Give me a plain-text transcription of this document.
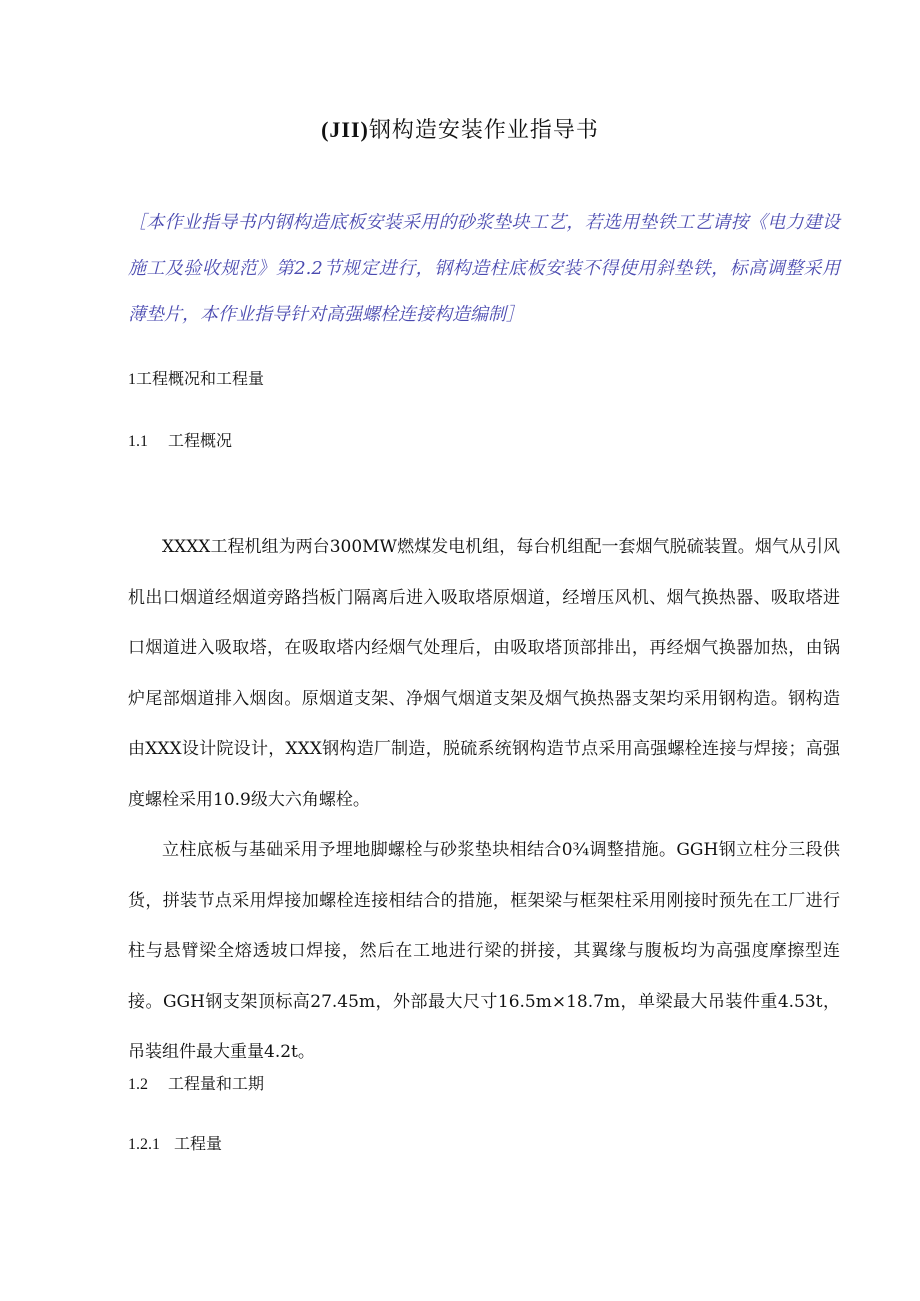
(JII)钢构造安装作业指导书
［本作业指导书内钢构造底板安装采用的砂浆垫块工艺，若选用垫铁工艺请按《电力建设施工及验收规范》第2.2节规定进行，钢构造柱底板安装不得使用斜垫铁，标高调整采用薄垫片，本作业指导针对高强螺栓连接构造编制］
1工程概况和工程量
1.1 工程概况

XXXX工程机组为两台300MW燃煤发电机组，每台机组配一套烟气脱硫装置。烟气从引风机出口烟道经烟道旁路挡板门隔离后进入吸取塔原烟道，经增压风机、烟气换热器、吸取塔进口烟道进入吸取塔，在吸取塔内经烟气处理后，由吸取塔顶部排出，再经烟气换器加热，由锅炉尾部烟道排入烟囱。原烟道支架、净烟气烟道支架及烟气换热器支架均采用钢构造。钢构造由XXX设计院设计，XXX钢构造厂制造，脱硫系统钢构造节点采用高强螺栓连接与焊接；高强度螺栓采用10.9级大六角螺栓。

立柱底板与基础采用予埋地脚螺栓与砂浆垫块相结合0¾调整措施。GGH钢立柱分三段供货，拼装节点采用焊接加螺栓连接相结合的措施，框架梁与框架柱采用刚接时预先在工厂进行柱与悬臂梁全熔透坡口焊接，然后在工地进行梁的拼接，其翼缘与腹板均为高强度摩擦型连接。GGH钢支架顶标高27.45m，外部最大尺寸16.5m×18.7m，单梁最大吊装件重4.53t，吊装组件最大重量4.2t。

1.2 工程量和工期
1.2.1 工程量
